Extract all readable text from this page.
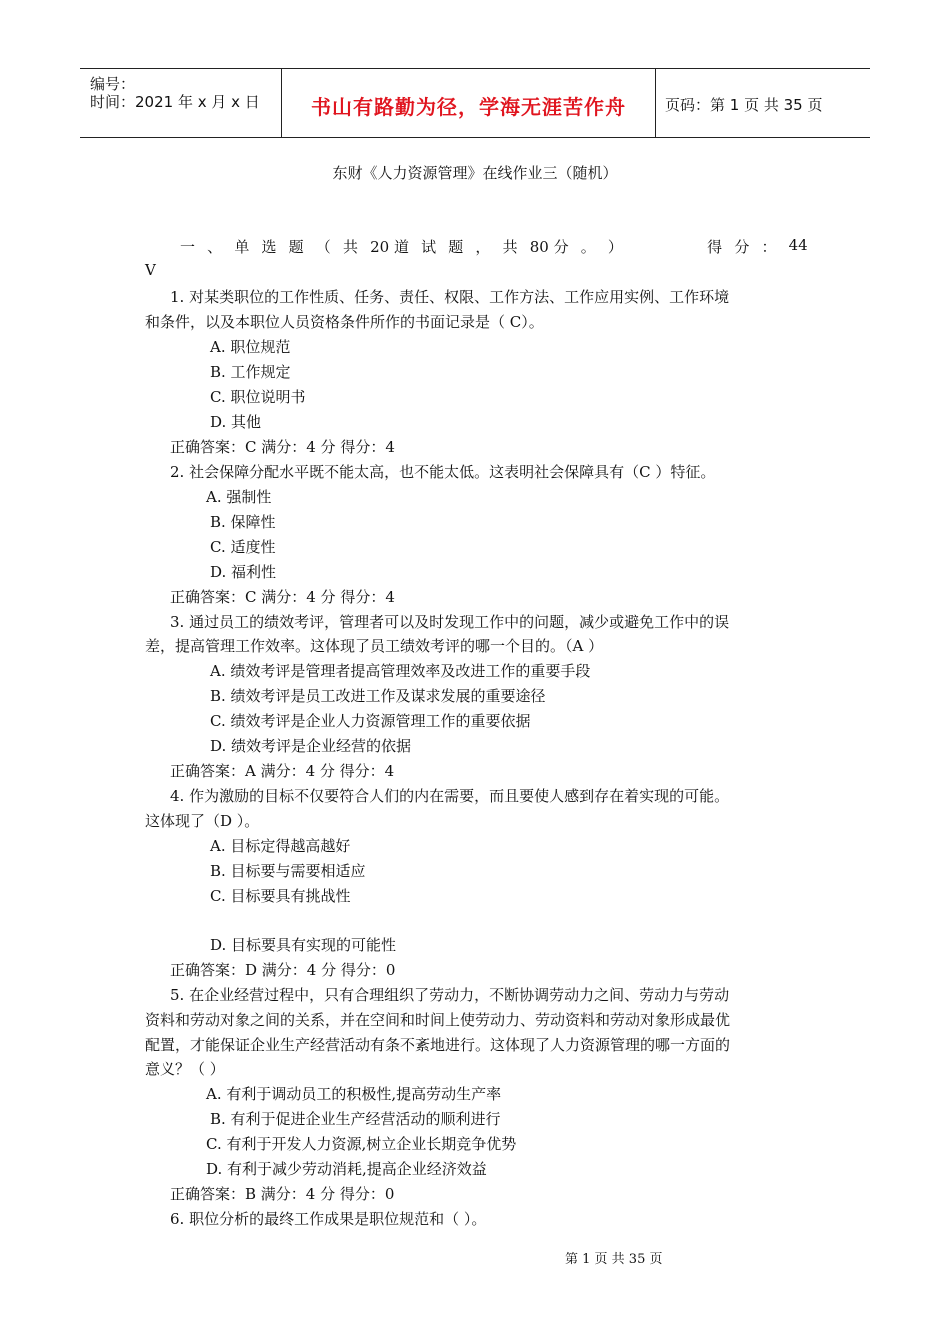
编号：
时间：2021 年 x 月 x 日	书山有路勤为径，学海无涯苦作舟	页码：第 1 页 共 35 页
东财《人力资源管理》在线作业三（随机）
一 、 单 选 题 （ 共 20 道 试 题 ， 共 80 分 。 ）	得 分 ： 44
V
1. 对某类职位的工作性质、任务、责任、权限、工作方法、工作应用实例、工作环境
和条件，以及本职位人员资格条件所作的书面记录是（ C）。
A. 职位规范
B. 工作规定
C. 职位说明书
D. 其他
正确答案：C 满分：4 分 得分：4
2. 社会保障分配水平既不能太高，也不能太低。这表明社会保障具有（C ）特征。
A. 强制性
B. 保障性
C. 适度性
D. 福利性
正确答案：C 满分：4 分 得分：4
3. 通过员工的绩效考评，管理者可以及时发现工作中的问题，减少或避免工作中的误
差，提高管理工作效率。这体现了员工绩效考评的哪一个目的。（A ）
A. 绩效考评是管理者提高管理效率及改进工作的重要手段
B. 绩效考评是员工改进工作及谋求发展的重要途径
C. 绩效考评是企业人力资源管理工作的重要依据
D. 绩效考评是企业经营的依据
正确答案：A 满分：4 分 得分：4
4. 作为激励的目标不仅要符合人们的内在需要，而且要使人感到存在着实现的可能。
这体现了（D ）。
A. 目标定得越高越好
B. 目标要与需要相适应
C. 目标要具有挑战性
D. 目标要具有实现的可能性
正确答案：D 满分：4 分 得分：0
5. 在企业经营过程中，只有合理组织了劳动力，不断协调劳动力之间、劳动力与劳动
资料和劳动对象之间的关系，并在空间和时间上使劳动力、劳动资料和劳动对象形成最优
配置，才能保证企业生产经营活动有条不紊地进行。这体现了人力资源管理的哪一方面的
意义？（ ）
A. 有利于调动员工的积极性,提高劳动生产率
B. 有利于促进企业生产经营活动的顺利进行
C. 有利于开发人力资源,树立企业长期竞争优势
D. 有利于减少劳动消耗,提高企业经济效益
正确答案：B 满分：4 分 得分：0
6. 职位分析的最终工作成果是职位规范和（ ）。
第 1 页 共 35 页
